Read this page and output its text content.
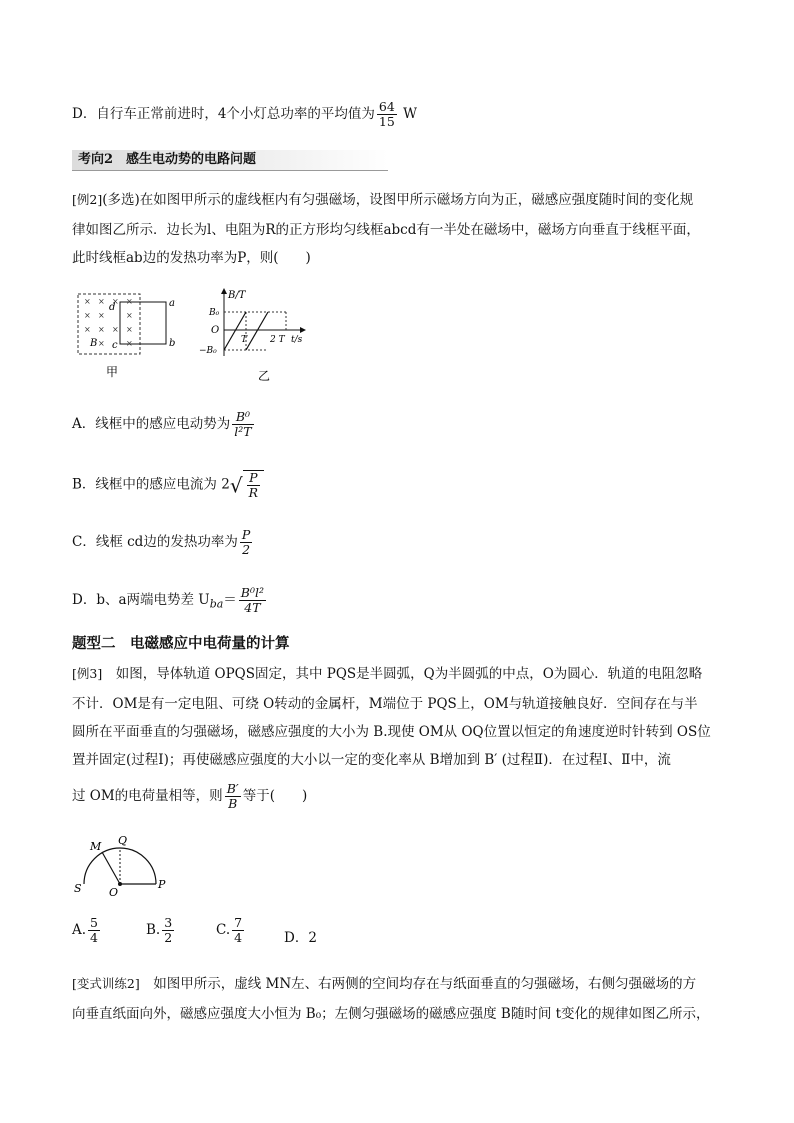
D．自行车正常前进时，4个小灯总功率的平均值为 $\frac{64}{15}$ W
考向2　感生电动势的电路问题
[例2](多选)在如图甲所示的虚线框内有匀强磁场，设图甲所示磁场方向为正，磁感应强度随时间的变化规
律如图乙所示．边长为l、电阻为R的正方形均匀线框abcd有一半处在磁场中，磁场方向垂直于线框平面，
此时线框ab边的发热功率为P，则(　　)
× ×
× ×	×
× × × ×
× ×
×	×
d	a
b
c
B
甲
B/T
B₀
O
−B₀
T	2 T t/s
乙
A．线框中的感应电动势为 $\frac{\text{B⁰}}{\text{l²T}}$
B．线框中的感应电流为 $2√ \frac{P}{R}$
C．线框 cd边的发热功率为 $\frac{P}{2}$
D．b、a两端电势差 $U_{ba}= \frac{\text{B⁰l²}}{4T}$
题型二　电磁感应中电荷量的计算
[例3]　 如图，导体轨道 OPQS固定，其中 PQS是半圆弧，Q为半圆弧的中点，O为圆心．轨道的电阻忽略
不计．OM是有一定电阻、可绕 O转动的金属杆，M端位于 PQS上，OM与轨道接触良好．空间存在与半
圆所在平面垂直的匀强磁场，磁感应强度的大小为 B.现使 OM从 OQ位置以恒定的角速度逆时针转到 OS位
置并固定(过程Ⅰ)；再使磁感应强度的大小以一定的变化率从 B增加到 B′ (过程Ⅱ)．在过程Ⅰ、Ⅱ中，流
过 OM的电荷量相等，则 $\frac{B'}{B}$ 等于(　　)
M Q
S O
P
A. $\frac{5}{4}$	B. $\frac{3}{2}$	C. $\frac{7}{4}$	D．2
[变式训练2]　 如图甲所示，虚线 MN左、右两侧的空间均存在与纸面垂直的匀强磁场，右侧匀强磁场的方
向垂直纸面向外，磁感应强度大小恒为 B₀；左侧匀强磁场的磁感应强度 B随时间 t变化的规律如图乙所示，
